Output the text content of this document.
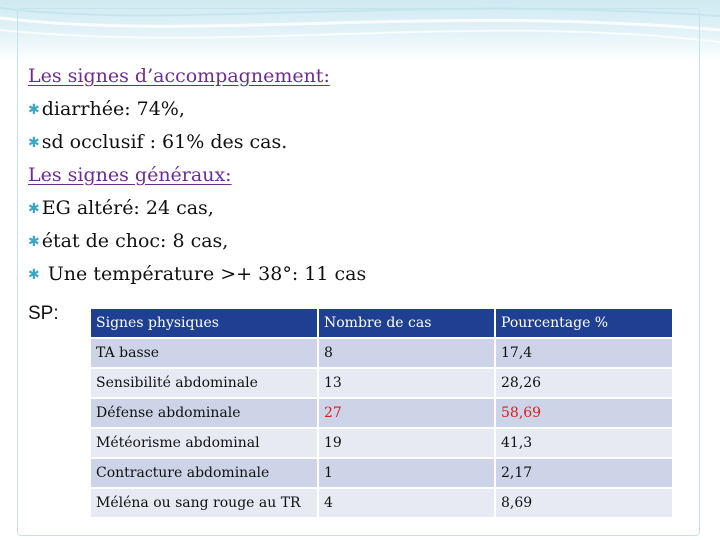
Les signes d’accompagnement:
✱ diarrhée: 74%,
✱ sd occlusif : 61% des cas.
Les signes généraux:
✱ EG altéré: 24 cas,
✱ état de choc: 8 cas,
✱ Une température >+ 38°: 11 cas
SP:	Signes physiques	Nombre de cas	Pourcentage %
TA basse	8	17,4
Sensibilité abdominale	13	28,26
Défense abdominale	27	58,69
Météorisme abdominal	19	41,3
Contracture abdominale	1	2,17
Méléna ou sang rouge au TR	4	8,69
